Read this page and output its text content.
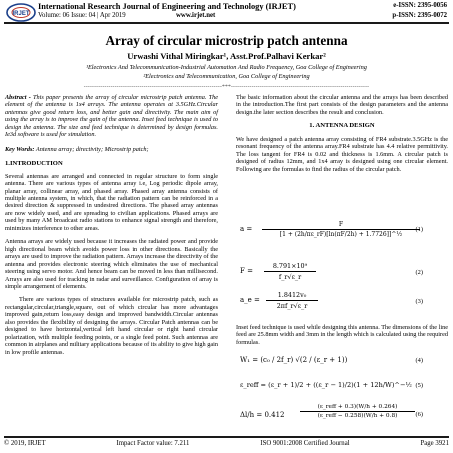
IRJET
International Research Journal of Engineering and Technology (IRJET)
Volume: 06 Issue: 04 | Apr 2019	www.irjet.net
e-ISSN: 2395-0056
p-ISSN: 2395-0072
Array of circular microstrip patch antenna
Urwashi Vithal Miringkar¹, Asst.Prof.Palhavi Kerkar²
¹Electronics And Telecommunication-Industrial Automation And Radio Frequency, Goa College of Engineering
²Electronics and Telecommunication, Goa College of Engineering
-------------------------------------------------------------------***-------------------------------------------------------------------

Abstract - This paper presents the array of circular microstrip patch antenna. The element of the antenna is 1x4 arrays. The antenna operates at 3.5GHz.Circular antennas give good return loss, and better gain and directivity. The main aim of using the array is to improve the gain of the antenna. Inset feed technique is used to design the antenna. The size and feed technique is determined by design formulas. Ie3d software is used for simulation.

Key Words: Antenna array; directivity; Microstrip patch;

1.INTRODUCTION

Several antennas are arranged and connected in regular structure to form single antenna. There are various types of antenna array i.e, Log periodic dipole array, planar array, collinear array, and phased array. Phased array antenna consists of multiple antenna system, in which, that the radiation pattern can be reinforced in a desired direction & suppressed in undesired directions. The phased array antennas are now widely used, and are spreading to civilian applications. Phased arrays are used by many AM broadcast radio stations to enhance signal strength and therefore, minimizes interference to other areas.

Antenna arrays are widely used because it increases the radiated power and provide high directional beam which avoids power loss in other directions. Basically the arrays are used to improve the radiation pattern. Arrays increase the directivity of the antenna and provides electronic steering which eliminates the use of mechanical steering using servo motor. And hence beam can be moved in less than millisecond. Arrays are also used for tracking in radar and surveillance. Configuration of array is simple arrangement of elements.

There are various types of structures available for microstrip patch, such as rectangular,circular,triangle,square, out of which circular has more advantages improved gain,return loss,easy design and improved bandwidth.Circular antennas also provides the flexibility of designing the arrays. Circular Patch antennas can be designed to have horizontal,vertical left hand circular or right hand circular polarization, with multiple feeding points, or a single feed point. Such antennas are common in airplanes and military applications because of its ability to give high gain in low profile antennas.

The basic information about the circular antenna and the arrays has been described in the introduction.The first part consists of the design parameters and the antenna design.the later section describes the result and conclusion.

1. ANTENNA DESIGN

We have designed a patch antenna array consisting of FR4 substrate.3.5GHz is the resonant frequency of the antenna array.FR4 substrate has 4.4 relative permittivity. The loss tangent for FR4 is 0.02 and thickness is 1.6mm. A circular patch is designed of radius 12mm, and 1x4 array is designed using one circular element. Following are the formulas to find the radius of the circular patch.

a =
F
[1 + (2h/πε_rF)[ln(πF/2h) + 1.7726]]^½
(1)
F =
8.791×10⁹
f_r√ε_r
(2)
a_e =
1.8412v₀
2πf_r√ε_r
(3)
Inset feed technique is used while designing this antenna. The dimensions of the line feed are 25.8mm width and 3mm in the length which is calculated using the required formulas.
W₁ = (c₀ / 2f_r) √(2 / (ε_r + 1))	(4)
ε_reff = (ε_r + 1)/2 + ((ε_r − 1)/2)(1 + 12h/W)^−½ (5)
Δl/h = 0.412
(ε_reff + 0.3)(W/h + 0.264)
(ε_reff − 0.258)(W/h + 0.8)	(6)
© 2019, IRJET	Impact Factor value: 7.211	ISO 9001:2008 Certified Journal	Page 3921
